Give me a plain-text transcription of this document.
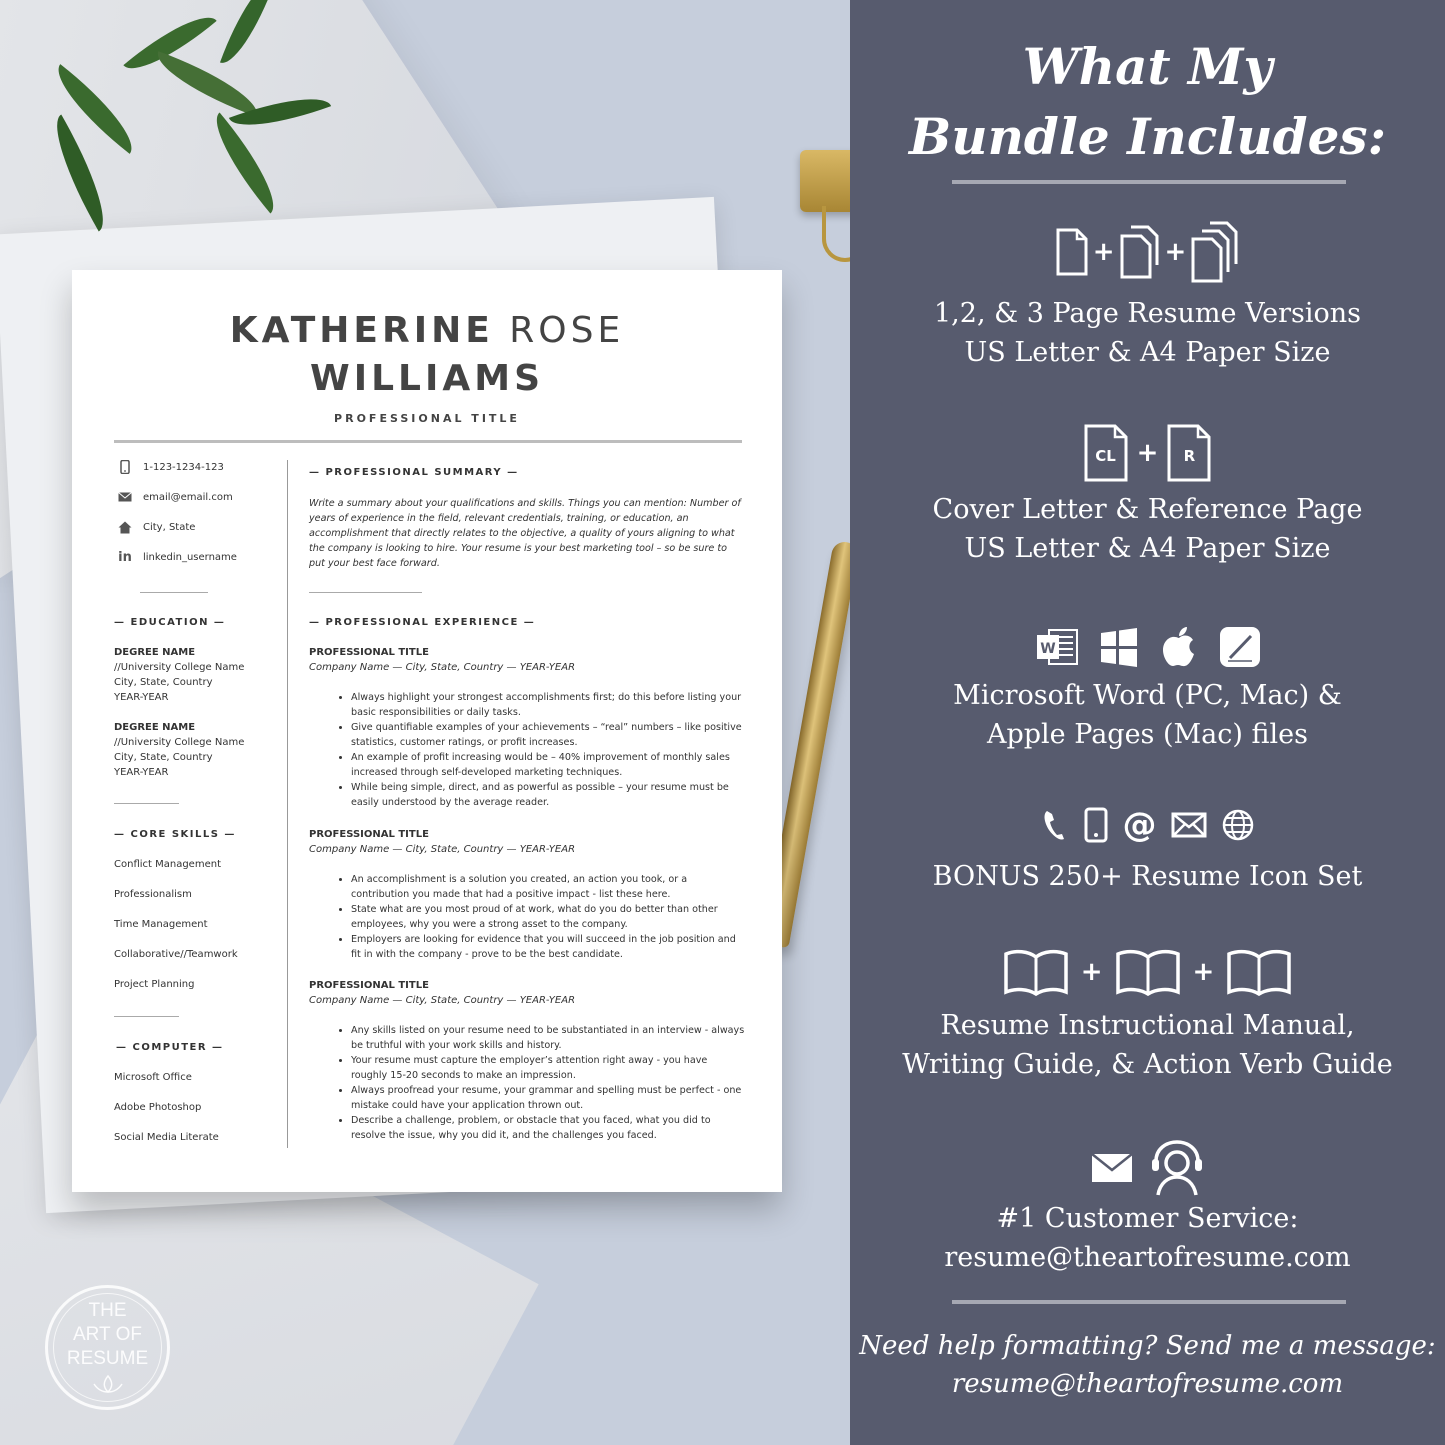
KATHERINE ROSE
WILLIAMS
PROFESSIONAL TITLE
1-123-1234-123
email@email.com
City, State
in linkedin_username
— EDUCATION —
DEGREE NAME
//University College Name
City, State, Country
YEAR-YEAR
DEGREE NAME
//University College Name
City, State, Country
YEAR-YEAR
— CORE SKILLS —
Conflict Management
Professionalism
Time Management
Collaborative//Teamwork
Project Planning
— COMPUTER —
Microsoft Office
Adobe Photoshop
Social Media Literate
— PROFESSIONAL SUMMARY —
Write a summary about your qualifications and skills. Things you can mention: Number of years of experience in the field, relevant credentials, training, or education, an accomplishment that directly relates to the objective, a quality of yours aligning to what the company is looking to hire. Your resume is your best marketing tool – so be sure to put your best face forward.
— PROFESSIONAL EXPERIENCE —
PROFESSIONAL TITLE
Company Name — City, State, Country — YEAR-YEAR
• Always highlight your strongest accomplishments first; do this before listing your basic responsibilities or daily tasks.
• Give quantifiable examples of your achievements – “real” numbers – like positive statistics, customer ratings, or profit increases.
• An example of profit increasing would be – 40% improvement of monthly sales increased through self-developed marketing techniques.
• While being simple, direct, and as powerful as possible – your resume must be easily understood by the average reader.
PROFESSIONAL TITLE
Company Name — City, State, Country — YEAR-YEAR
• An accomplishment is a solution you created, an action you took, or a contribution you made that had a positive impact - list these here.
• State what are you most proud of at work, what do you do better than other employees, why you were a strong asset to the company.
• Employers are looking for evidence that you will succeed in the job position and fit in with the company - prove to be the best candidate.
PROFESSIONAL TITLE
Company Name — City, State, Country — YEAR-YEAR
• Any skills listed on your resume need to be substantiated in an interview - always be truthful with your work skills and history.
• Your resume must capture the employer’s attention right away - you have roughly 15-20 seconds to make an impression.
• Always proofread your resume, your grammar and spelling must be perfect - one mistake could have your application thrown out.
• Describe a challenge, problem, or obstacle that you faced, what you did to resolve the issue, why you did it, and the challenges you faced.
THE
ART OF
RESUME
What My
Bundle Includes:
+ +
1,2, & 3 Page Resume Versions
US Letter & A4 Paper Size
CL +	R
Cover Letter & Reference Page
US Letter & A4 Paper Size
W
Microsoft Word (PC, Mac) &
Apple Pages (Mac) files
@
BONUS 250+ Resume Icon Set
+	+
Resume Instructional Manual,
Writing Guide, & Action Verb Guide
#1 Customer Service:
resume@theartofresume.com
Need help formatting? Send me a message:
resume@theartofresume.com
